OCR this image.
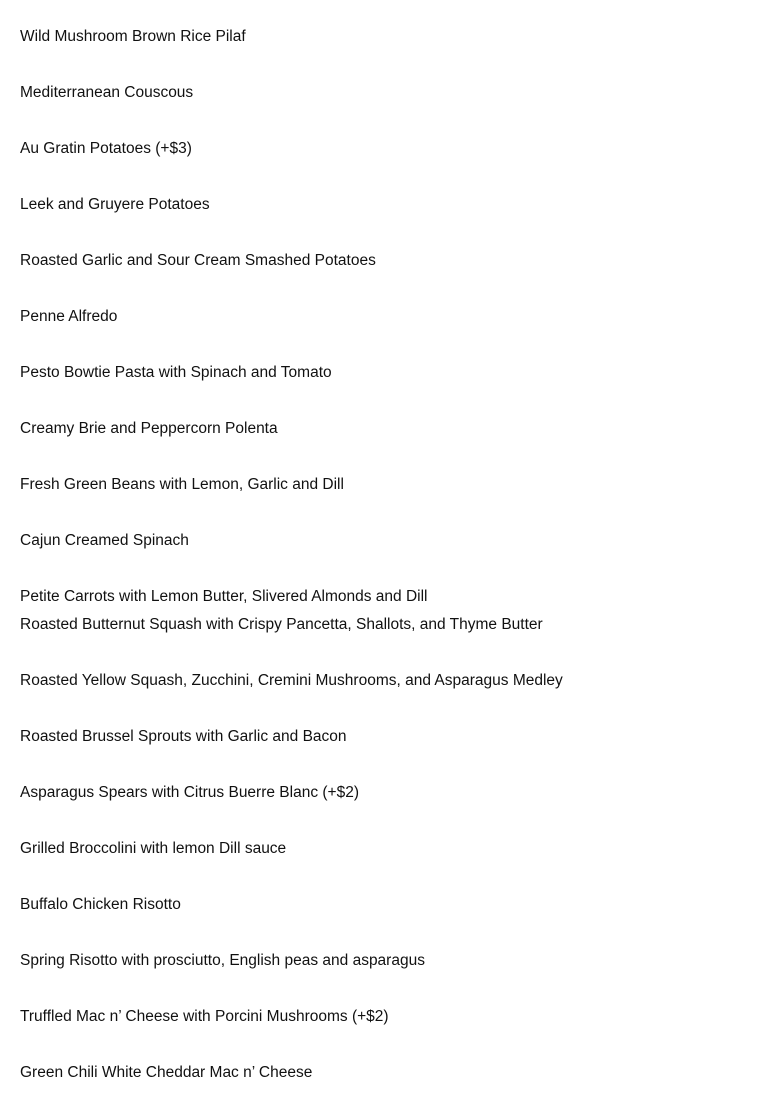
Wild Mushroom Brown Rice Pilaf
Mediterranean Couscous
Au Gratin Potatoes (+$3)
Leek and Gruyere Potatoes
Roasted Garlic and Sour Cream Smashed Potatoes
Penne Alfredo
Pesto Bowtie Pasta with Spinach and Tomato
Creamy Brie and Peppercorn Polenta
Fresh Green Beans with Lemon, Garlic and Dill
Cajun Creamed Spinach
Petite Carrots with Lemon Butter, Slivered Almonds and Dill
Roasted Butternut Squash with Crispy Pancetta, Shallots, and Thyme Butter
Roasted Yellow Squash, Zucchini, Cremini Mushrooms, and Asparagus Medley
Roasted Brussel Sprouts with Garlic and Bacon
Asparagus Spears with Citrus Buerre Blanc (+$2)
Grilled Broccolini with lemon Dill sauce
Buffalo Chicken Risotto
Spring Risotto with prosciutto, English peas and asparagus
Truffled Mac n’ Cheese with Porcini Mushrooms (+$2)
Green Chili White Cheddar Mac n’ Cheese
